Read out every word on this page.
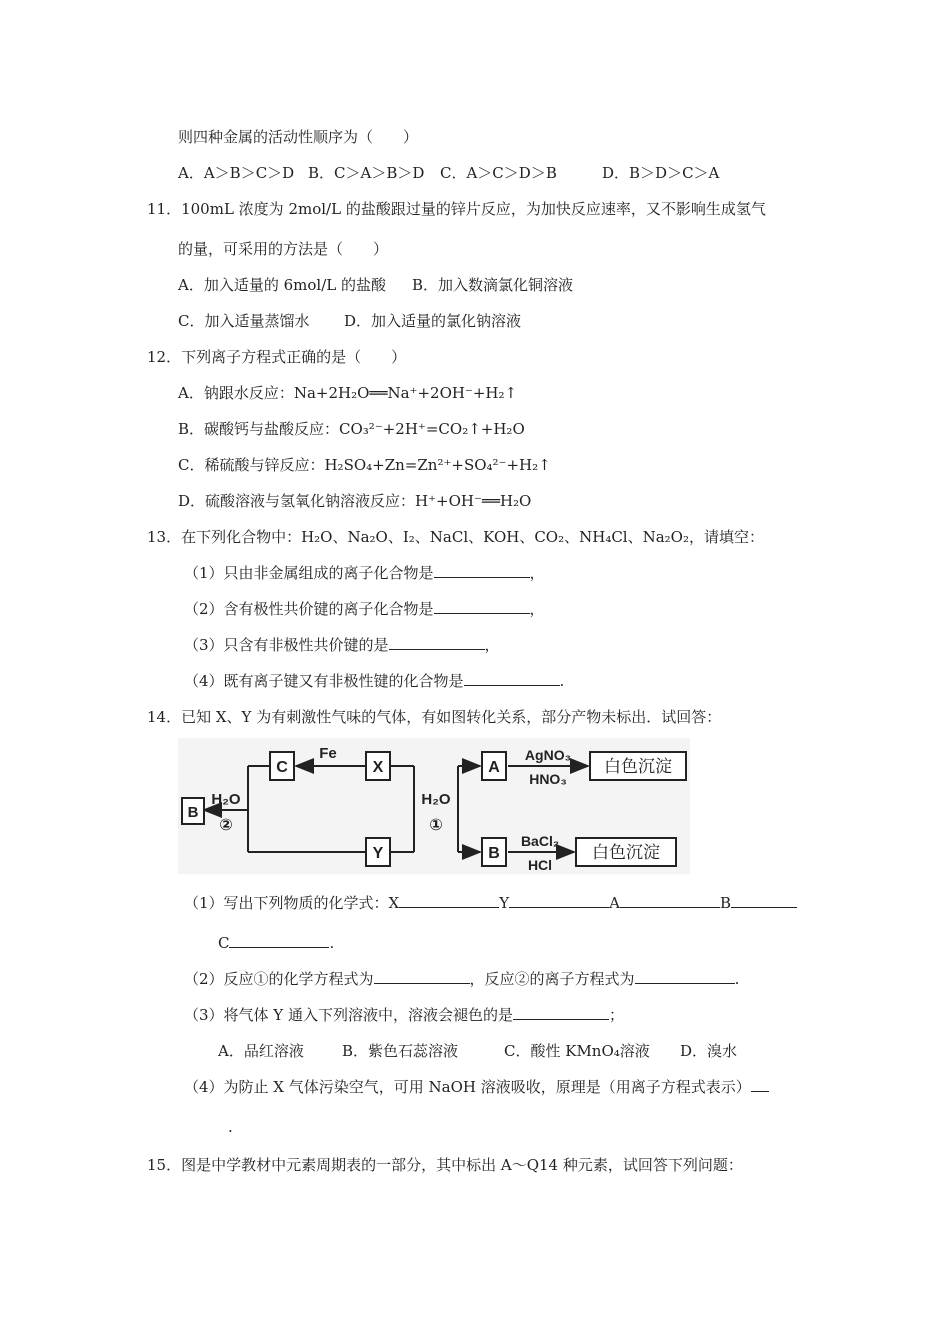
则四种金属的活动性顺序为（　　）
A．A＞B＞C＞D B．C＞A＞B＞D C．A＞C＞D＞B	D．B＞D＞C＞A
11．100mL 浓度为 2mol/L 的盐酸跟过量的锌片反应，为加快反应速率，又不影响生成氢气
的量，可采用的方法是（　　）
A．加入适量的 6mol/L 的盐酸 B．加入数滴氯化铜溶液
C．加入适量蒸馏水 D．加入适量的氯化钠溶液
12．下列离子方程式正确的是（　　）
A．钠跟水反应：Na+2H₂O══Na⁺+2OH⁻+H₂↑
B．碳酸钙与盐酸反应：CO₃²⁻+2H⁺=CO₂↑+H₂O
C．稀硫酸与锌反应：H₂SO₄+Zn=Zn²⁺+SO₄²⁻+H₂↑
D．硫酸溶液与氢氧化钠溶液反应：H⁺+OH⁻══H₂O
13．在下列化合物中：H₂O、Na₂O、I₂、NaCl、KOH、CO₂、NH₄Cl、Na₂O₂，请填空：
（1）只由非金属组成的离子化合物是	，
（2）含有极性共价键的离子化合物是	，
（3）只含有非极性共价键的是	，
（4）既有离子键又有非极性键的化合物是	.
14．已知 X、Y 为有刺激性气味的气体，有如图转化关系，部分产物未标出．试回答：
B
C	X
Y
A
B
Fe
H₂O
②
H₂O
①
AgNO₃
HNO₃
BaCl₂
HCl
白色沉淀
白色沉淀
（1）写出下列物质的化学式：X	Y	A	B
C	.
（2）反应①的化学方程式为	，反应②的离子方程式为	.
（3）将气体 Y 通入下列溶液中，溶液会褪色的是	；
A．品红溶液	B．紫色石蕊溶液	C．酸性 KMnO₄溶液 D．溴水
（4）为防止 X 气体污染空气，可用 NaOH 溶液吸收，原理是（用离子方程式表示）
.
15．图是中学教材中元素周期表的一部分，其中标出 A～Q14 种元素，试回答下列问题：
